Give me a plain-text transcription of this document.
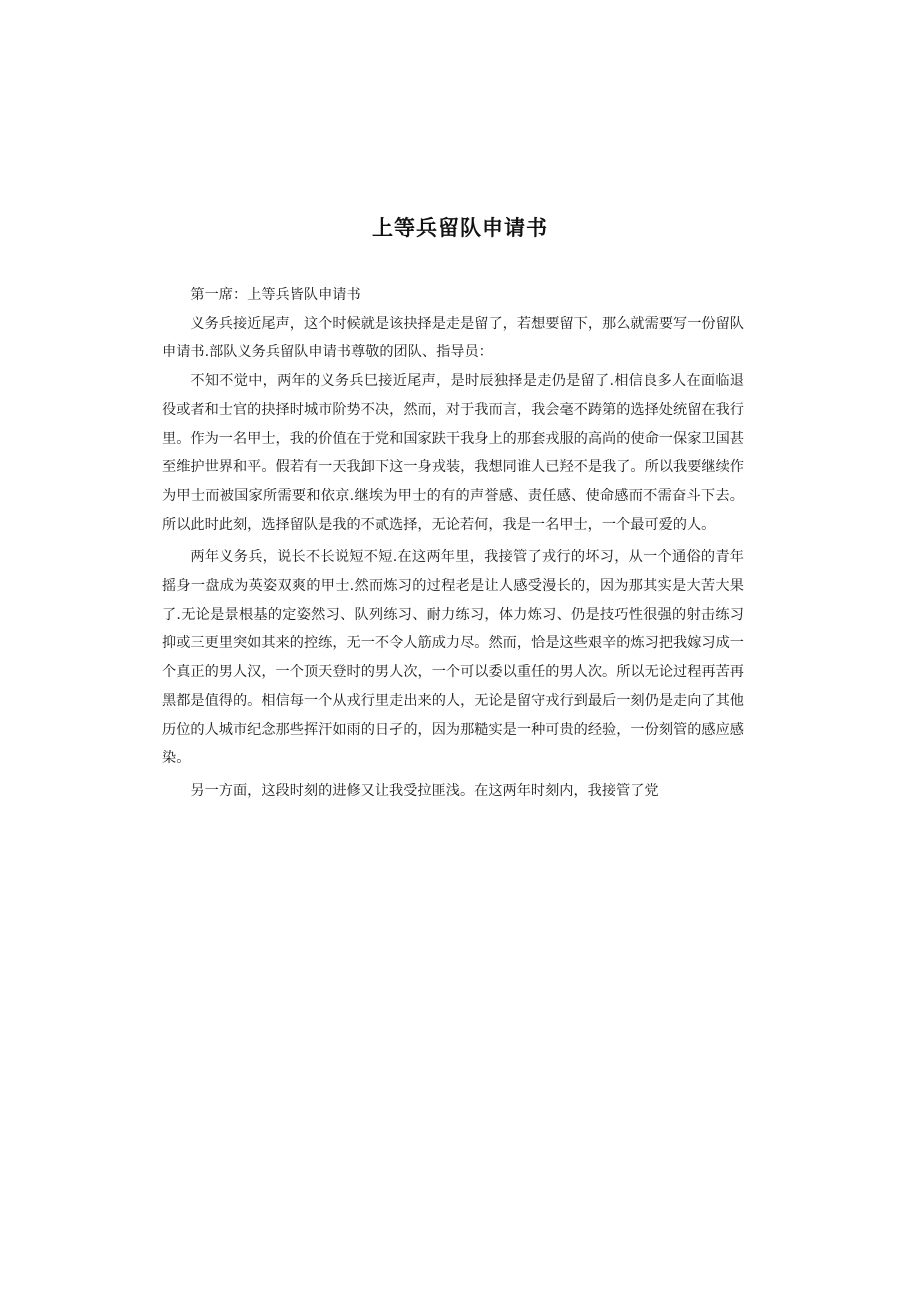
上等兵留队申请书

第一席：上等兵皆队申请书

义务兵接近尾声，这个时候就是该抉择是走是留了，若想要留下，那么就需要写一份留队申请书.部队义务兵留队申请书尊敬的团队、指导员：

不知不觉中，两年的义务兵巳接近尾声，是时辰独择是走仍是留了.相信良多人在面临退役或者和士官的抉择时城市阶势不决，然而，对于我而言，我会毫不踌第的选择处统留在我行里。作为一名甲士，我的价值在于党和国家趺干我身上的那套戎服的高尚的使命一保家卫国甚至维护世界和平。假若有一天我卸下这一身戎装，我想同谁人已羟不是我了。所以我要继续作为甲士而被国家所需要和依京.继埃为甲士的有的声誉感、责任感、使命感而不需奋斗下去。所以此时此刻，选择留队是我的不贰选择，无论若何，我是一名甲士，一个最可爱的人。

两年义务兵，说长不长说短不短.在这两年里，我接管了戎行的坏习，从一个通俗的青年摇身一盘成为英姿双爽的甲士.然而炼习的过程老是让人感受漫长的，因为那其实是大苦大果了.无论是景根基的定姿然习、队列练习、耐力练习，体力炼习、仍是技巧性很强的射击练习抑或三更里突如其来的控练，无一不令人筋成力尽。然而，恰是这些艰辛的炼习把我嫁习成一个真正的男人汉，一个顶天登时的男人次，一个可以委以重任的男人次。所以无论过程再苦再黑都是值得的。相信每一个从戎行里走出来的人，无论是留守戎行到最后一刻仍是走向了其他历位的人城市纪念那些挥汗如雨的日孑的，因为那糙实是一种可贵的经验，一份刻管的感应感染。

另一方面，这段时刻的进修又让我受拉匪浅。在这两年时刻内，我接管了党
